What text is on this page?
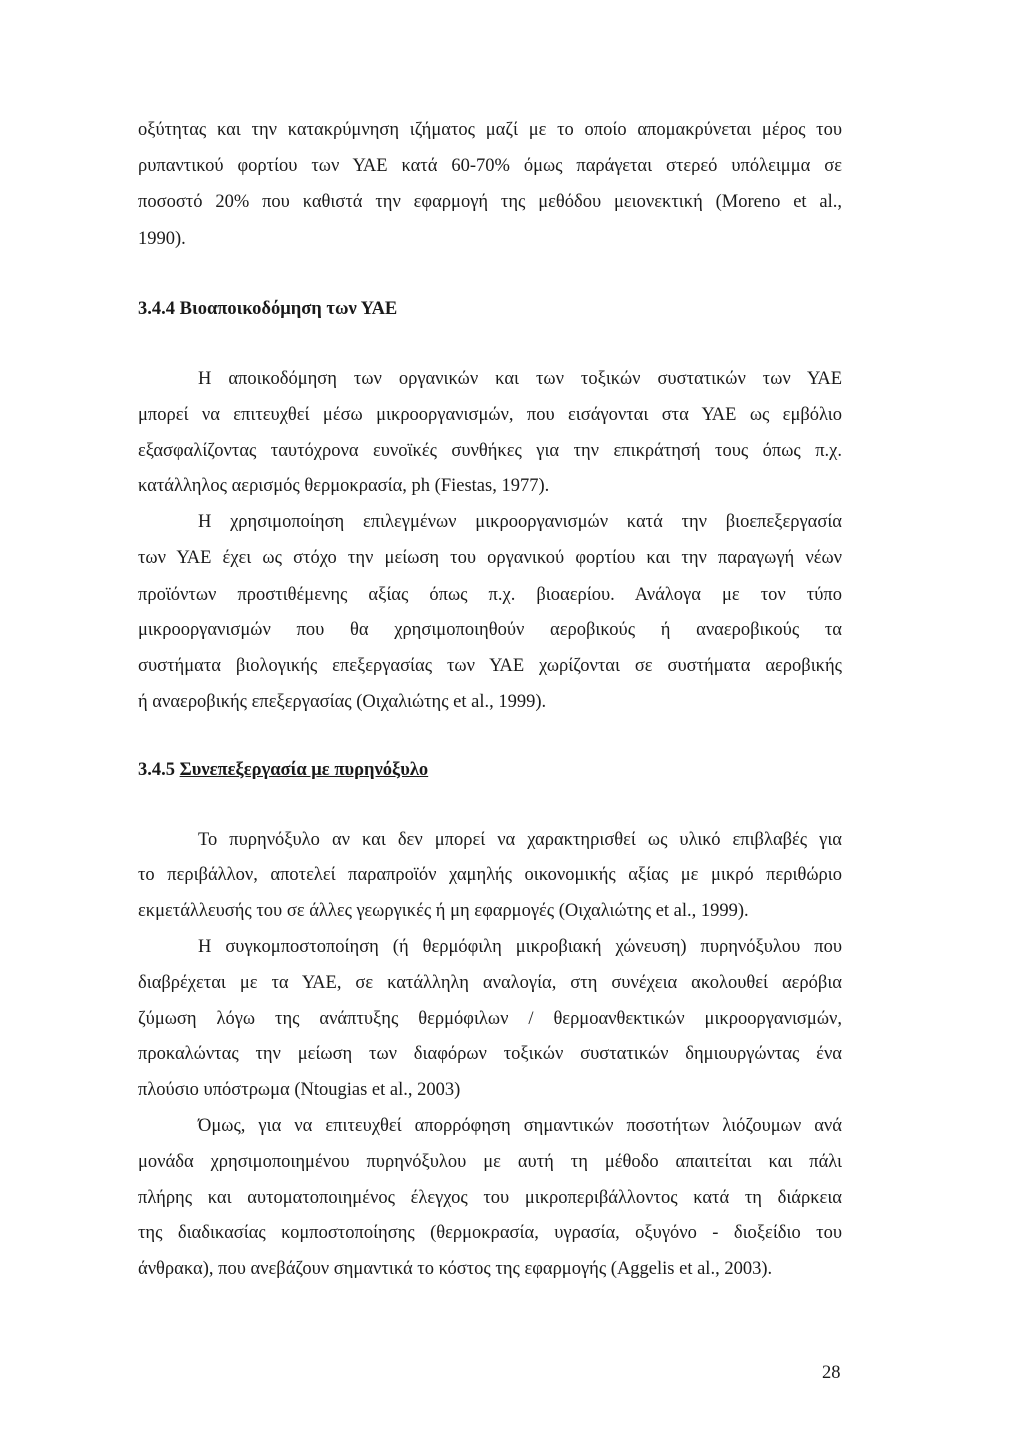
οξύτητας και την κατακρύμνηση ιζήματος μαζί με το οποίο απομακρύνεται μέρος του
ρυπαντικού φορτίου των ΥΑΕ κατά 60-70% όμως παράγεται στερεό υπόλειμμα σε
ποσοστό 20% που καθιστά την εφαρμογή της μεθόδου μειονεκτική (Moreno et al.,
1990).
3.4.4 Βιοαποικοδόμηση των ΥΑΕ
Η αποικοδόμηση των οργανικών και των τοξικών συστατικών των ΥΑΕ
μπορεί να επιτευχθεί μέσω μικροοργανισμών, που εισάγονται στα ΥΑΕ ως εμβόλιο
εξασφαλίζοντας ταυτόχρονα ευνοϊκές συνθήκες για την επικράτησή τους όπως π.χ.
κατάλληλος αερισμός θερμοκρασία, ph (Fiestas, 1977).
Η χρησιμοποίηση επιλεγμένων μικροοργανισμών κατά την βιοεπεξεργασία
των ΥΑΕ έχει ως στόχο την μείωση του οργανικού φορτίου και την παραγωγή νέων
προϊόντων προστιθέμενης αξίας όπως π.χ. βιοαερίου. Ανάλογα με τον τύπο
μικροοργανισμών που θα χρησιμοποιηθούν αεροβικούς ή αναεροβικούς τα
συστήματα βιολογικής επεξεργασίας των ΥΑΕ χωρίζονται σε συστήματα αεροβικής
ή αναεροβικής επεξεργασίας (Οιχαλιώτης et al., 1999).
3.4.5 Συνεπεξεργασία με πυρηνόξυλο
Το πυρηνόξυλο αν και δεν μπορεί να χαρακτηρισθεί ως υλικό επιβλαβές για
το περιβάλλον, αποτελεί παραπροϊόν χαμηλής οικονομικής αξίας με μικρό περιθώριο
εκμετάλλευσής του σε άλλες γεωργικές ή μη εφαρμογές (Οιχαλιώτης et al., 1999).
Η συγκομποστοποίηση (ή θερμόφιλη μικροβιακή χώνευση) πυρηνόξυλου που
διαβρέχεται με τα ΥΑΕ, σε κατάλληλη αναλογία, στη συνέχεια ακολουθεί αερόβια
ζύμωση λόγω της ανάπτυξης θερμόφιλων / θερμοανθεκτικών μικροοργανισμών,
προκαλώντας την μείωση των διαφόρων τοξικών συστατικών δημιουργώντας ένα
πλούσιο υπόστρωμα (Ntougias et al., 2003)
Όμως, για να επιτευχθεί απορρόφηση σημαντικών ποσοτήτων λιόζουμων ανά
μονάδα χρησιμοποιημένου πυρηνόξυλου με αυτή τη μέθοδο απαιτείται και πάλι
πλήρης και αυτοματοποιημένος έλεγχος του μικροπεριβάλλοντος κατά τη διάρκεια
της διαδικασίας κομποστοποίησης (θερμοκρασία, υγρασία, οξυγόνο - διοξείδιο του
άνθρακα), που ανεβάζουν σημαντικά το κόστος της εφαρμογής (Aggelis et al., 2003).
28
